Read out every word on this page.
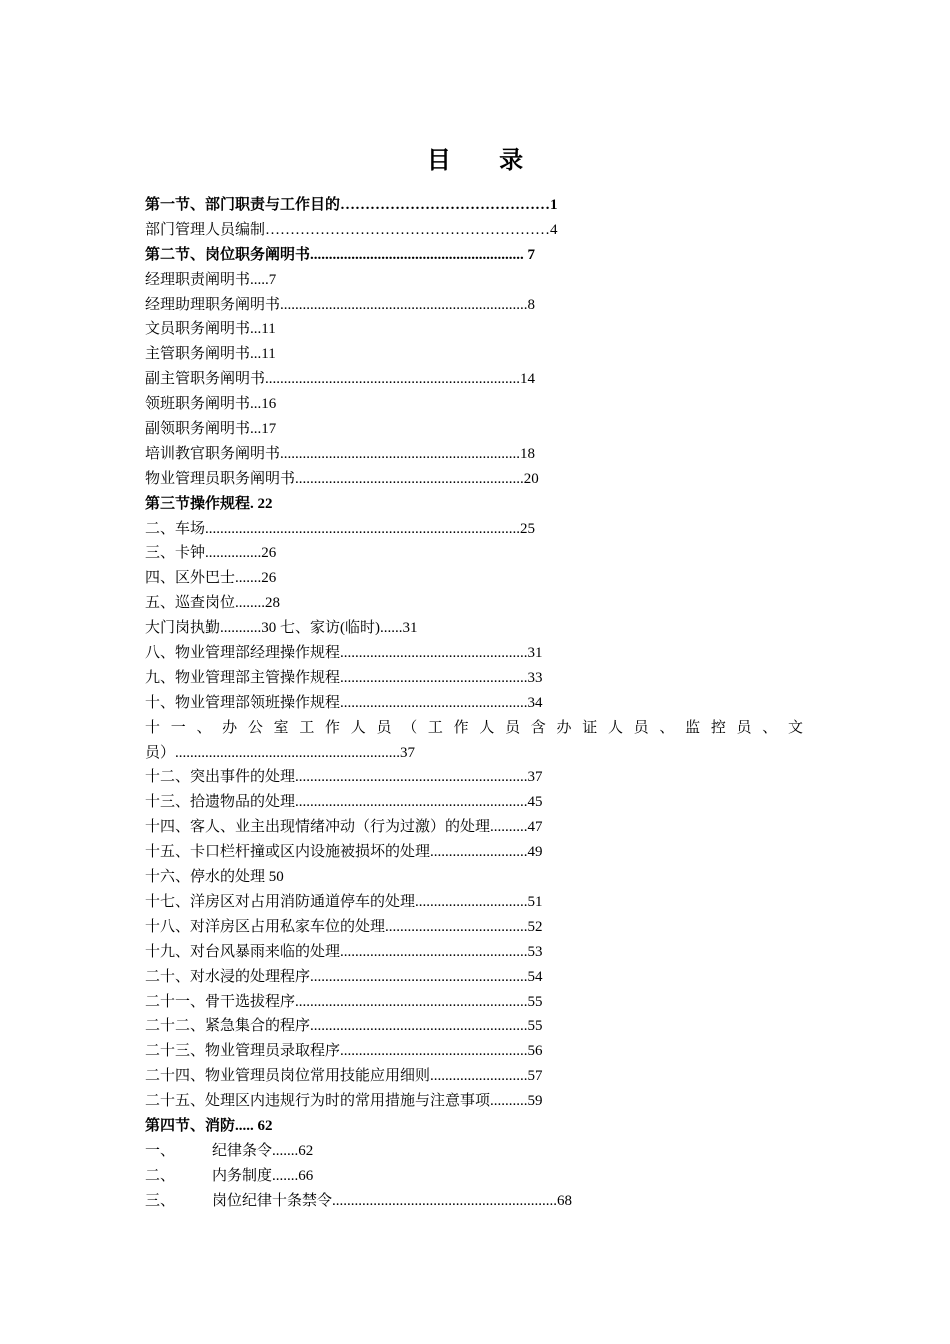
目 录
第一节、部门职责与工作目的……………………………………1
部门管理人员编制…………………………………………………4
第二节、岗位职务阐明书......................................................... 7
经理职责阐明书.....7
经理助理职务阐明书..................................................................8
文员职务阐明书...11
主管职务阐明书...11
副主管职务阐明书....................................................................14
领班职务阐明书...16
副领职务阐明书...17
培训教官职务阐明书................................................................18
物业管理员职务阐明书.............................................................20
第三节操作规程. 22
二、车场....................................................................................25
三、卡钟...............26
四、区外巴士.......26
五、巡查岗位........28
大门岗执勤...........30 七、家访(临时)......31
八、物业管理部经理操作规程..................................................31
九、物业管理部主管操作规程..................................................33
十、物业管理部领班操作规程..................................................34
十一、办公室工作人员（工作人员含办证人员、监控员、文
员）............................................................37
十二、突出事件的处理..............................................................37
十三、拾遗物品的处理..............................................................45
十四、客人、业主出现情绪冲动（行为过激）的处理..........47
十五、卡口栏杆撞或区内设施被损坏的处理..........................49
十六、停水的处理 50
十七、洋房区对占用消防通道停车的处理..............................51
十八、对洋房区占用私家车位的处理......................................52
十九、对台风暴雨来临的处理..................................................53
二十、对水浸的处理程序..........................................................54
二十一、骨干选拔程序..............................................................55
二十二、紧急集合的程序..........................................................55
二十三、物业管理员录取程序..................................................56
二十四、物业管理员岗位常用技能应用细则..........................57
二十五、处理区内违规行为时的常用措施与注意事项..........59
第四节、消防..... 62
一、 纪律条令.......62
二、 内务制度.......66
三、 岗位纪律十条禁令............................................................68
